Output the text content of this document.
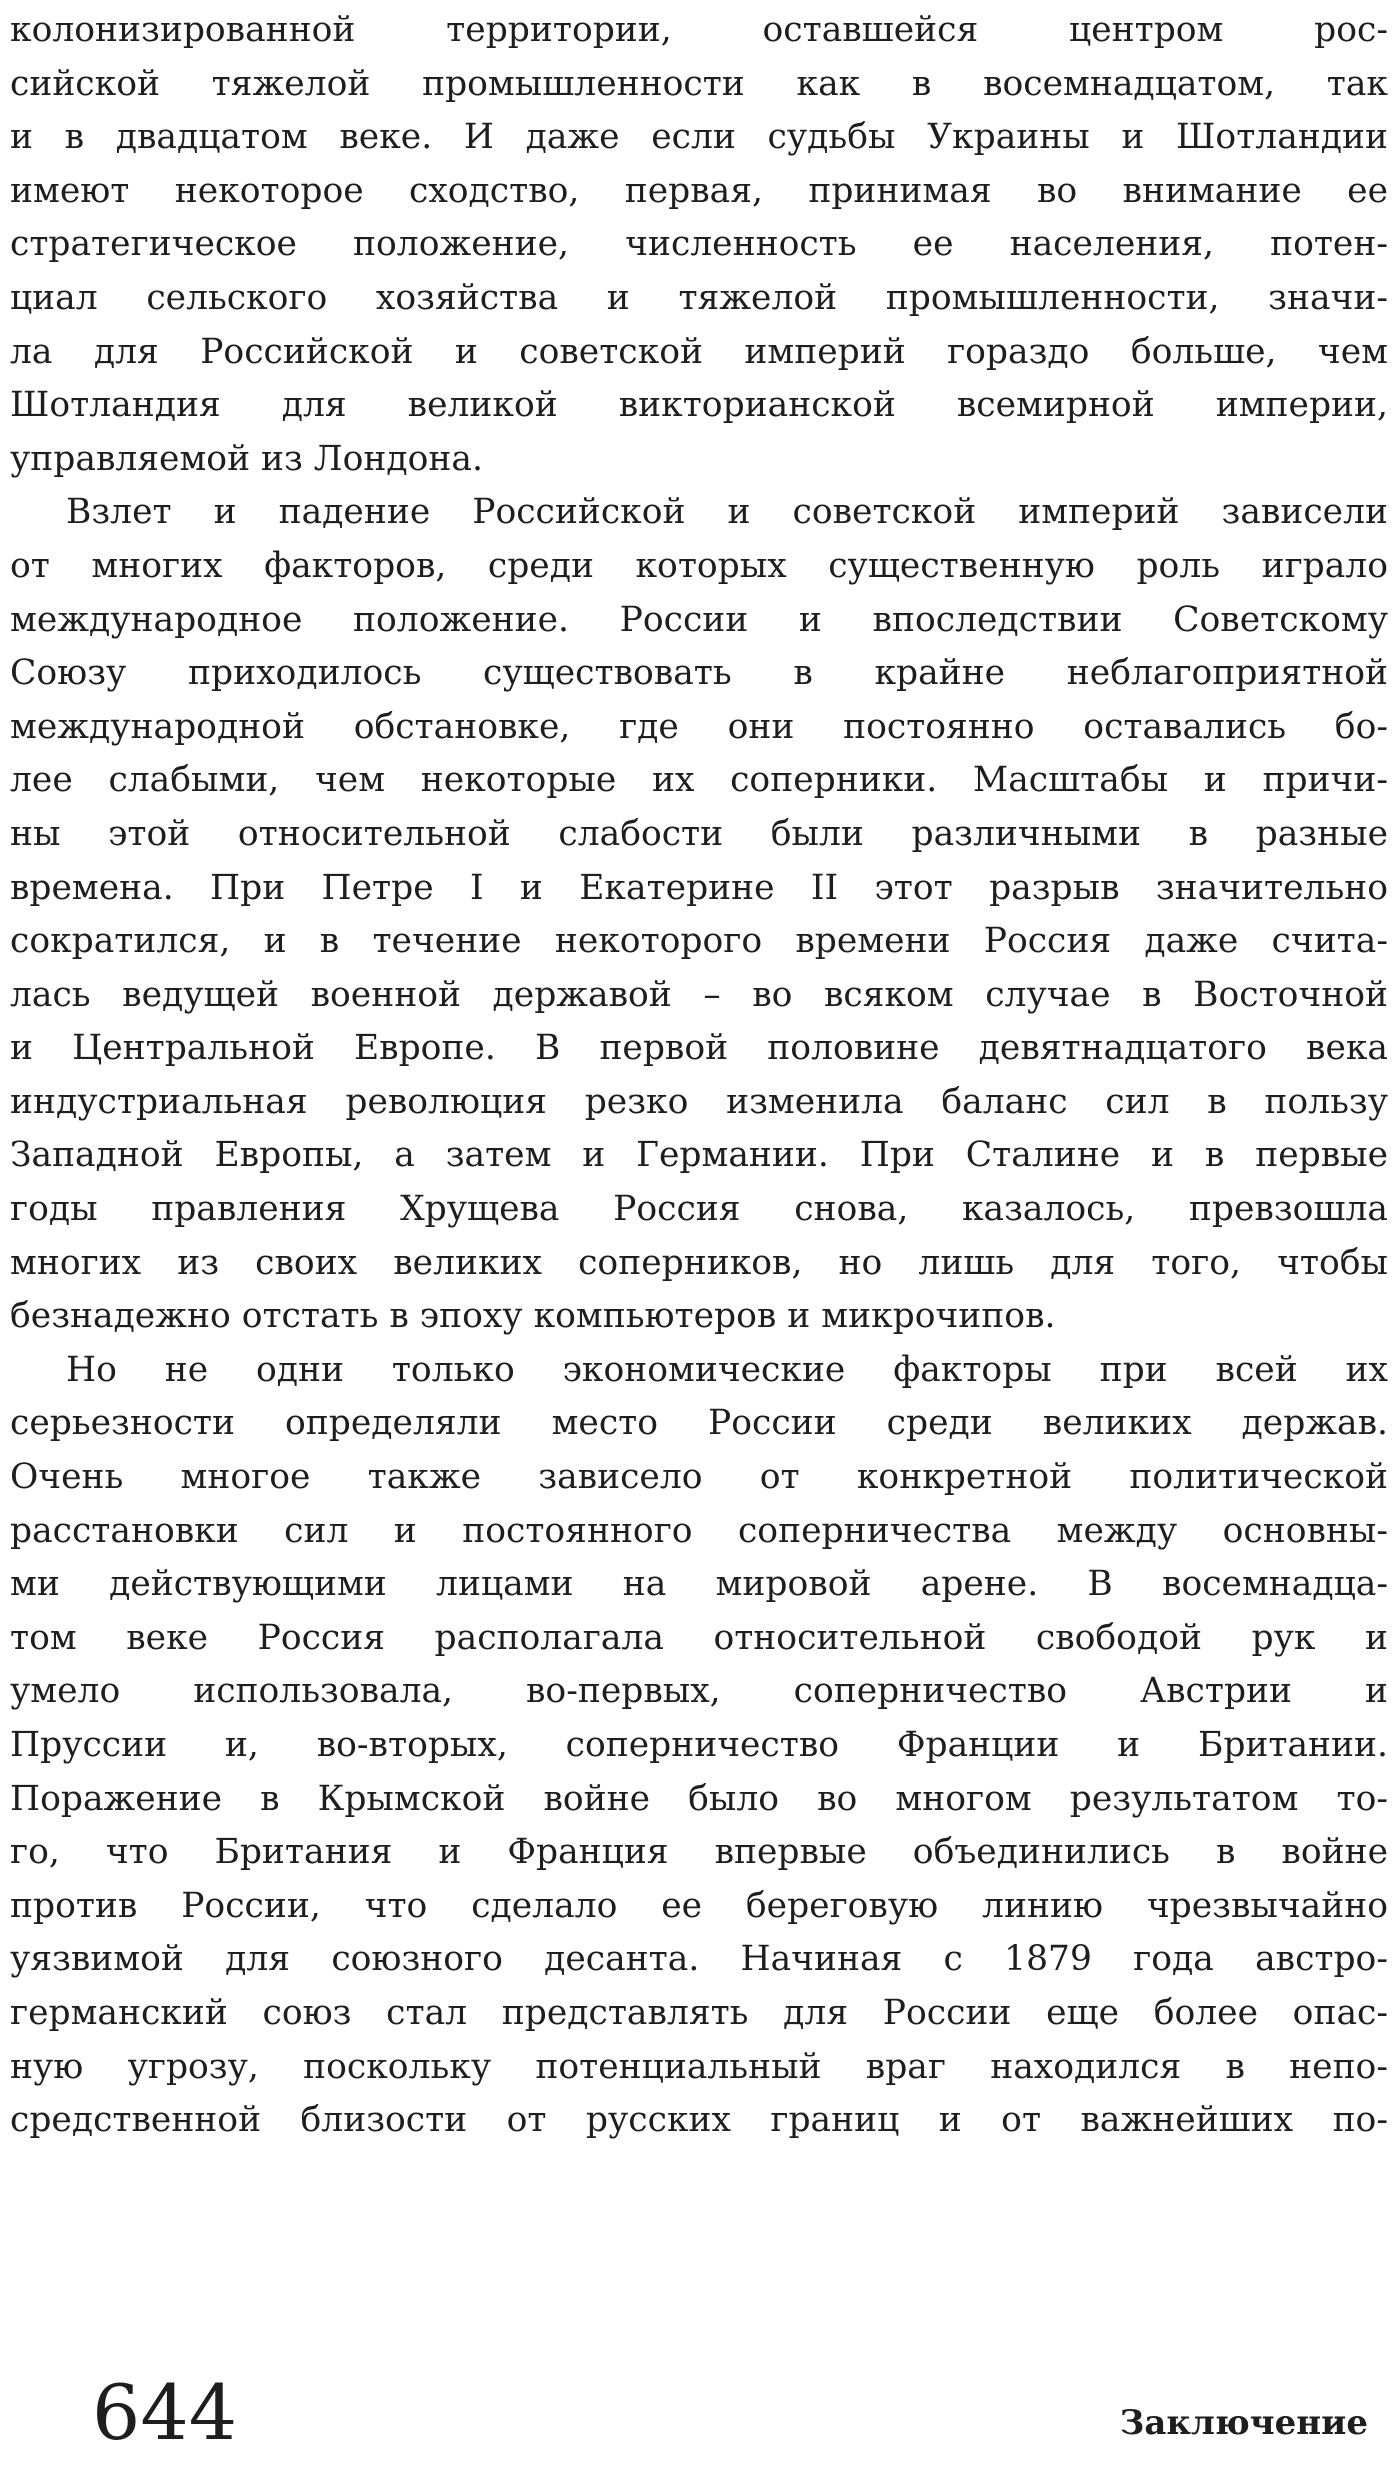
колонизированной территории, оставшейся центром рос-
сийской тяжелой промышленности как в восемнадцатом, так
и в двадцатом веке. И даже если судьбы Украины и Шотландии
имеют некоторое сходство, первая, принимая во внимание ее
стратегическое положение, численность ее населения, потен-
циал сельского хозяйства и тяжелой промышленности, значи-
ла для Российской и советской империй гораздо больше, чем
Шотландия для великой викторианской всемирной империи,
управляемой из Лондона.
Взлет и падение Российской и советской империй зависели
от многих факторов, среди которых существенную роль играло
международное положение. России и впоследствии Советскому
Союзу приходилось существовать в крайне неблагоприятной
международной обстановке, где они постоянно оставались бо-
лее слабыми, чем некоторые их соперники. Масштабы и причи-
ны этой относительной слабости были различными в разные
времена. При Петре I и Екатерине II этот разрыв значительно
сократился, и в течение некоторого времени Россия даже счита-
лась ведущей военной державой – во всяком случае в Восточной
и Центральной Европе. В первой половине девятнадцатого века
индустриальная революция резко изменила баланс сил в пользу
Западной Европы, а затем и Германии. При Сталине и в первые
годы правления Хрущева Россия снова, казалось, превзошла
многих из своих великих соперников, но лишь для того, чтобы
безнадежно отстать в эпоху компьютеров и микрочипов.
Но не одни только экономические факторы при всей их
серьезности определяли место России среди великих держав.
Очень многое также зависело от конкретной политической
расстановки сил и постоянного соперничества между основны-
ми действующими лицами на мировой арене. В восемнадца-
том веке Россия располагала относительной свободой рук и
умело использовала, во-первых, соперничество Австрии и
Пруссии и, во-вторых, соперничество Франции и Британии.
Поражение в Крымской войне было во многом результатом то-
го, что Британия и Франция впервые объединились в войне
против России, что сделало ее береговую линию чрезвычайно
уязвимой для союзного десанта. Начиная с 1879 года австро-
германский союз стал представлять для России еще более опас-
ную угрозу, поскольку потенциальный враг находился в непо-
средственной близости от русских границ и от важнейших по-
644	Заключение
